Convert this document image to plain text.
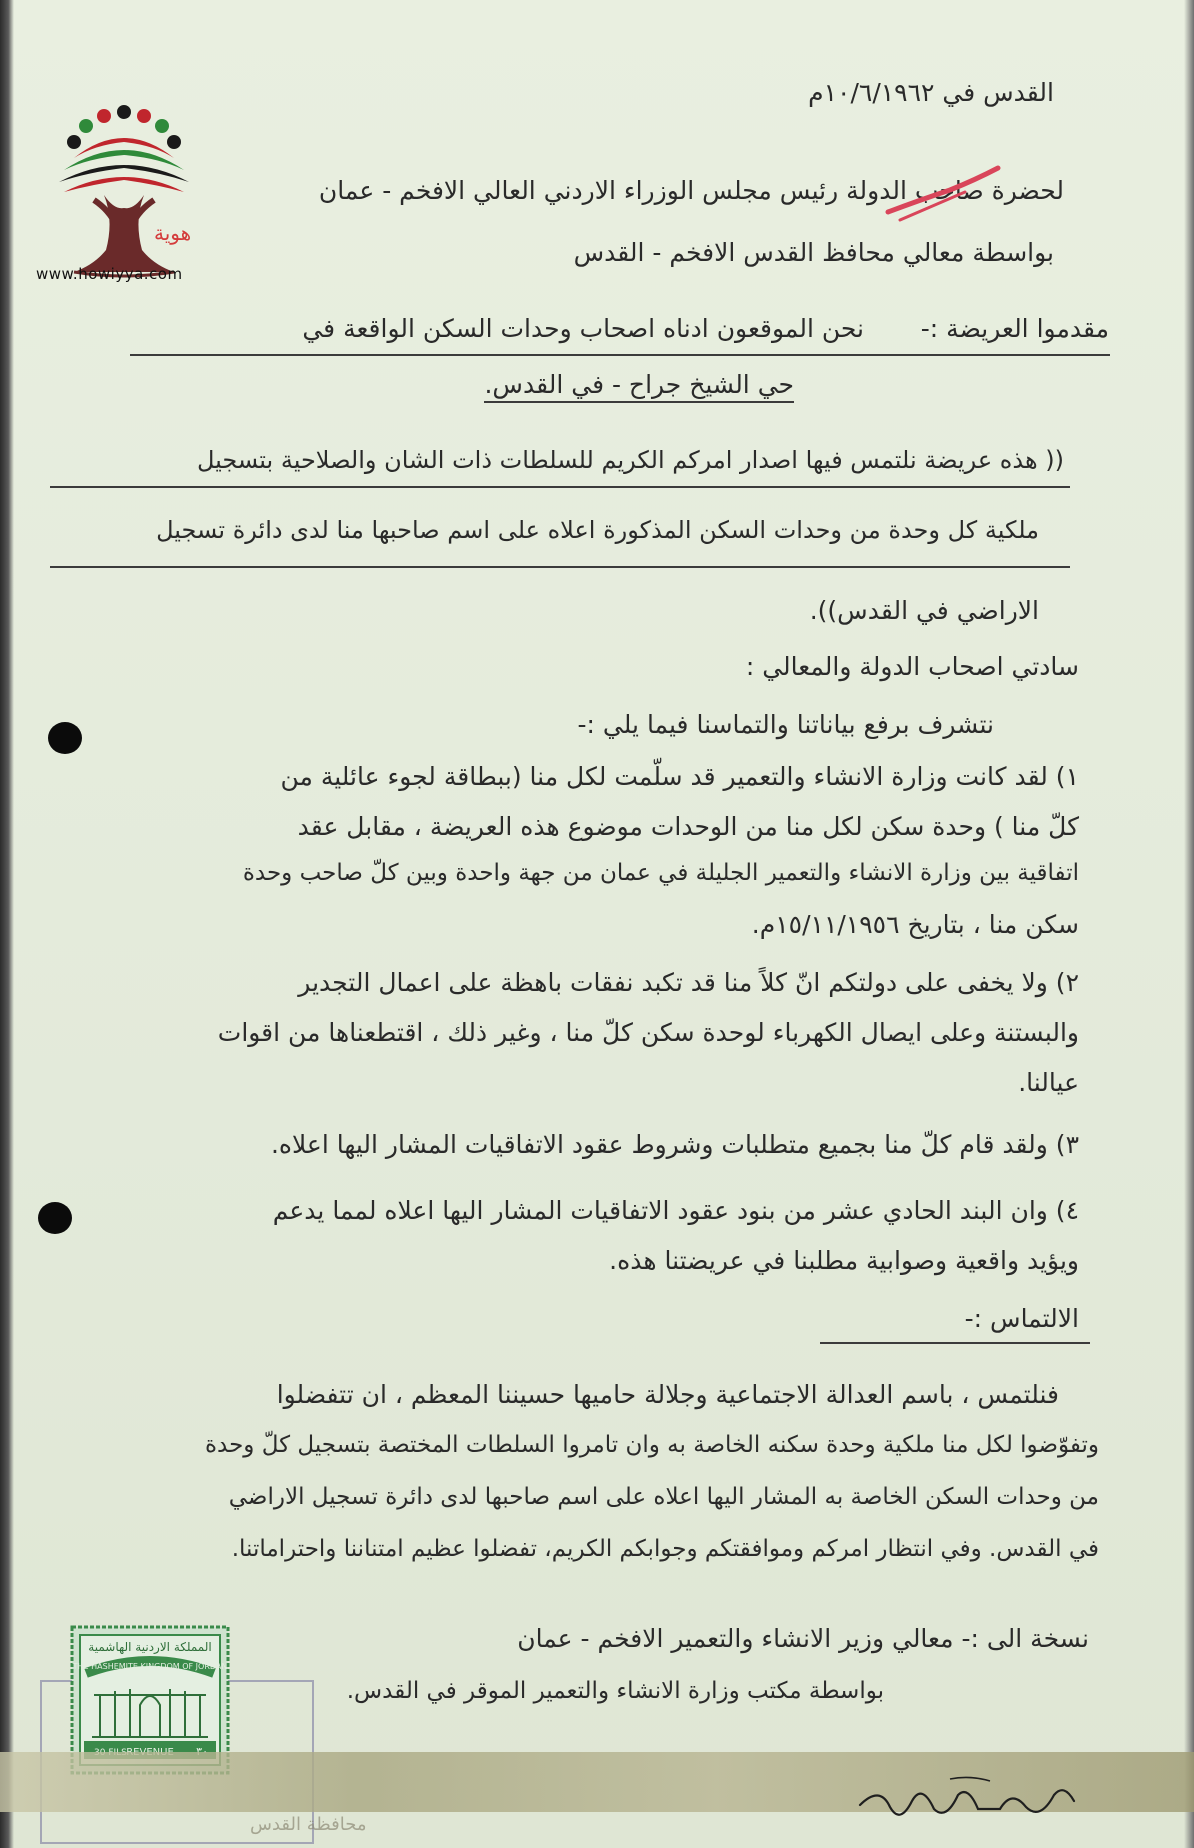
هوية
www.howiyya.com
القدس في ١٠/٦/١٩٦٢م
لحضرة صاحب الدولة رئيس مجلس الوزراء الاردني العالي الافخم - عمان
بواسطة معالي محافظ القدس الافخم - القدس
مقدموا العريضة :-
نحن الموقعون ادناه اصحاب وحدات السكن الواقعة في
حي الشيخ جراح - في القدس.
(( هذه عريضة نلتمس فيها اصدار امركم الكريم للسلطات ذات الشان والصلاحية بتسجيل
ملكية كل وحدة من وحدات السكن المذكورة اعلاه على اسم صاحبها منا لدى دائرة تسجيل
الاراضي في القدس)).
سادتي اصحاب الدولة والمعالي :
نتشرف برفع بياناتنا والتماسنا فيما يلي :-
١) لقد كانت وزارة الانشاء والتعمير قد سلّمت لكل منا (ببطاقة لجوء عائلية من
كلّ منا ) وحدة سكن لكل منا من الوحدات موضوع هذه العريضة ، مقابل عقد
اتفاقية بين وزارة الانشاء والتعمير الجليلة في عمان من جهة واحدة وبين كلّ صاحب وحدة
سكن منا ، بتاريخ ١٥/١١/١٩٥٦م.
٢) ولا يخفى على دولتكم انّ كلاً منا قد تكبد نفقات باهظة على اعمال التجدير
والبستنة وعلى ايصال الكهرباء لوحدة سكن كلّ منا ، وغير ذلك ، اقتطعناها من اقوات
عيالنا.
٣) ولقد قام كلّ منا بجميع متطلبات وشروط عقود الاتفاقيات المشار اليها اعلاه.
٤) وان البند الحادي عشر من بنود عقود الاتفاقيات المشار اليها اعلاه لمما يدعم
ويؤيد واقعية وصوابية مطلبنا في عريضتنا هذه.
الالتماس :-
فنلتمس ، باسم العدالة الاجتماعية وجلالة حاميها حسيننا المعظم ، ان تتفضلوا
وتفوّضوا لكل منا ملكية وحدة سكنه الخاصة به وان تامروا السلطات المختصة بتسجيل كلّ وحدة
من وحدات السكن الخاصة به المشار اليها اعلاه على اسم صاحبها لدى دائرة تسجيل الاراضي
في القدس. وفي انتظار امركم وموافقتكم وجوابكم الكريم، تفضلوا عظيم امتناننا واحتراماتنا.
نسخة الى :- معالي وزير الانشاء والتعمير الافخم - عمان
بواسطة مكتب وزارة الانشاء والتعمير الموقر في القدس.
المملكة الاردنية الهاشمية
THE HASHEMITE KINGDOM OF JORDAN
محافظة القدس	محمد ابراهيم عبد
